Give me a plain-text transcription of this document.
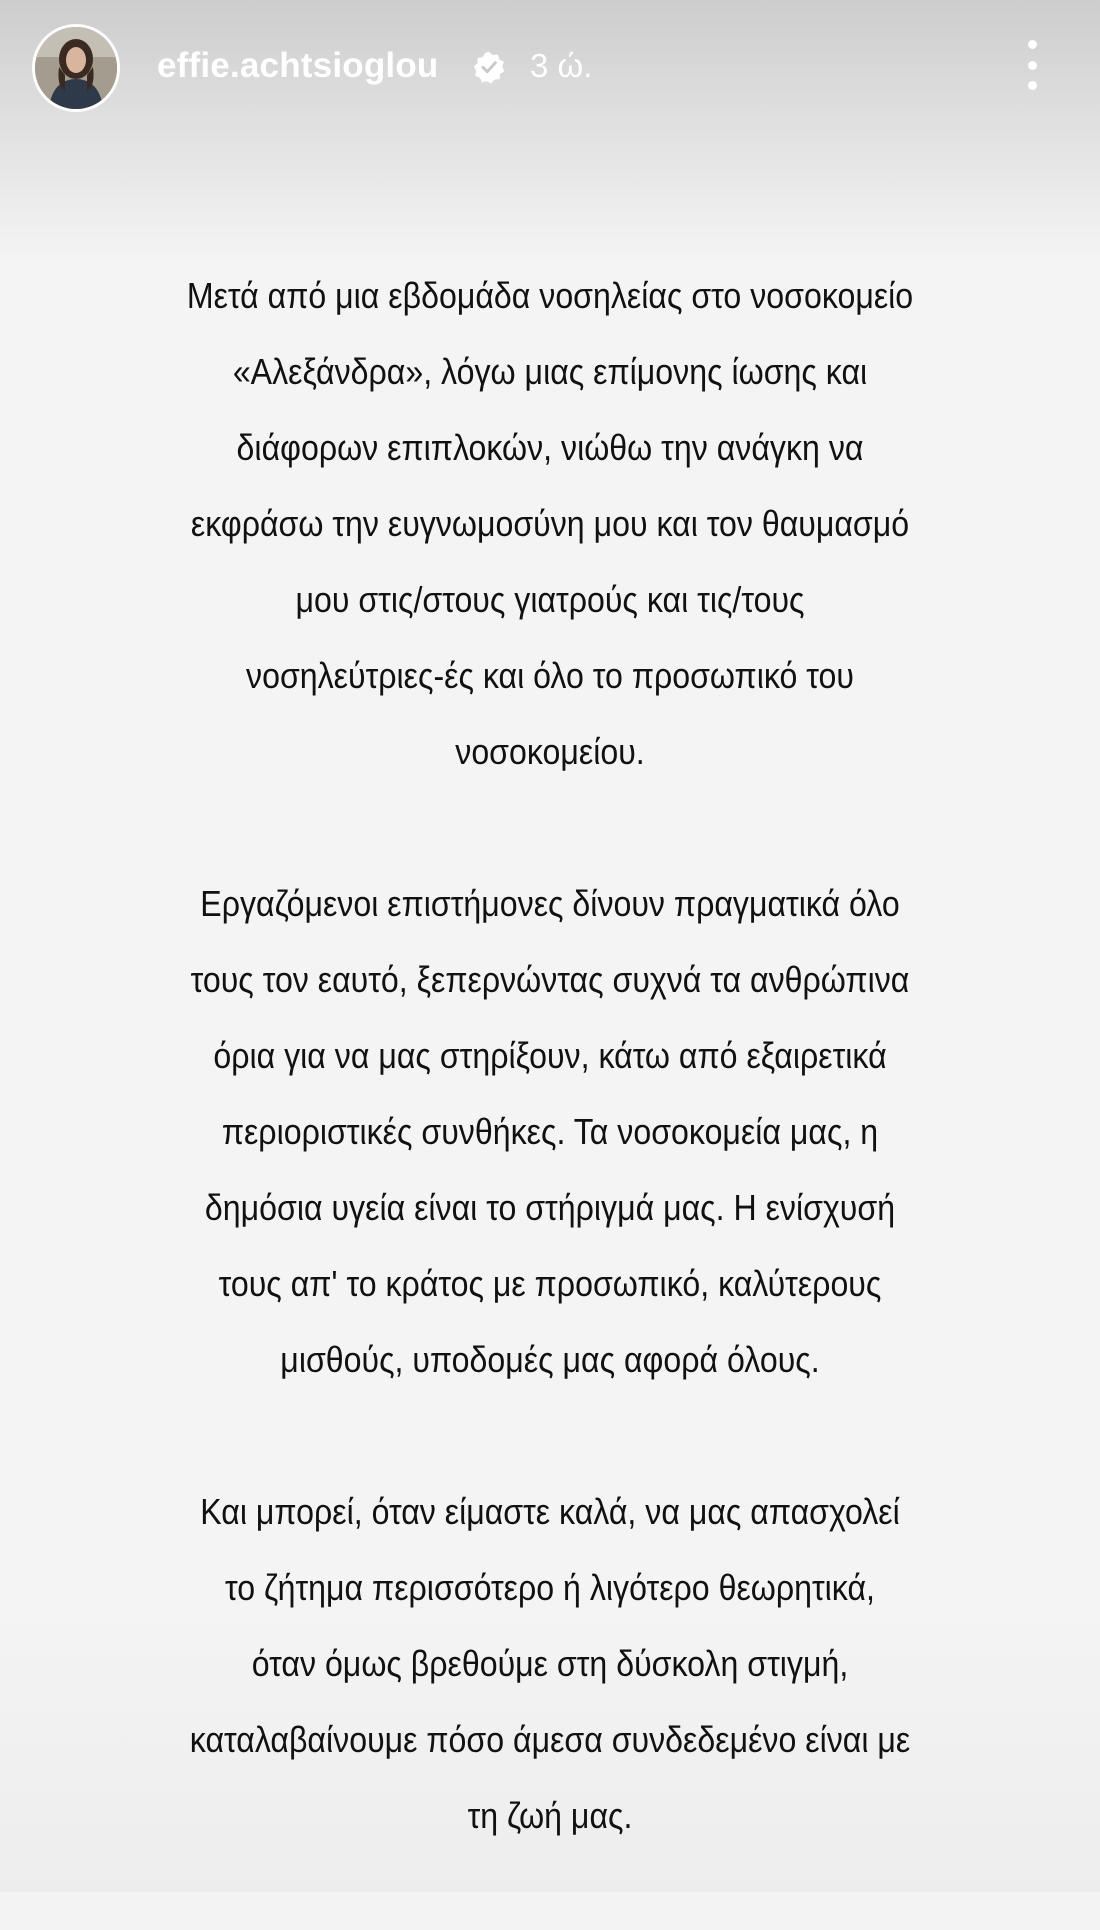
effie.achtsioglou	3 ώ.

Μετά από μια εβδομάδα νοσηλείας στο νοσοκομείο
«Αλεξάνδρα», λόγω μιας επίμονης ίωσης και
διάφορων επιπλοκών, νιώθω την ανάγκη να
εκφράσω την ευγνωμοσύνη μου και τον θαυμασμό
μου στις/στους γιατρούς και τις/τους
νοσηλεύτριες-ές και όλο το προσωπικό του
νοσοκομείου.

Εργαζόμενοι επιστήμονες δίνουν πραγματικά όλο
τους τον εαυτό, ξεπερνώντας συχνά τα ανθρώπινα
όρια για να μας στηρίξουν, κάτω από εξαιρετικά
περιοριστικές συνθήκες. Τα νοσοκομεία μας, η
δημόσια υγεία είναι το στήριγμά μας. Η ενίσχυσή
τους απ' το κράτος με προσωπικό, καλύτερους
μισθούς, υποδομές μας αφορά όλους.

Και μπορεί, όταν είμαστε καλά, να μας απασχολεί
το ζήτημα περισσότερο ή λιγότερο θεωρητικά,
όταν όμως βρεθούμε στη δύσκολη στιγμή,
καταλαβαίνουμε πόσο άμεσα συνδεδεμένο είναι με
τη ζωή μας.
